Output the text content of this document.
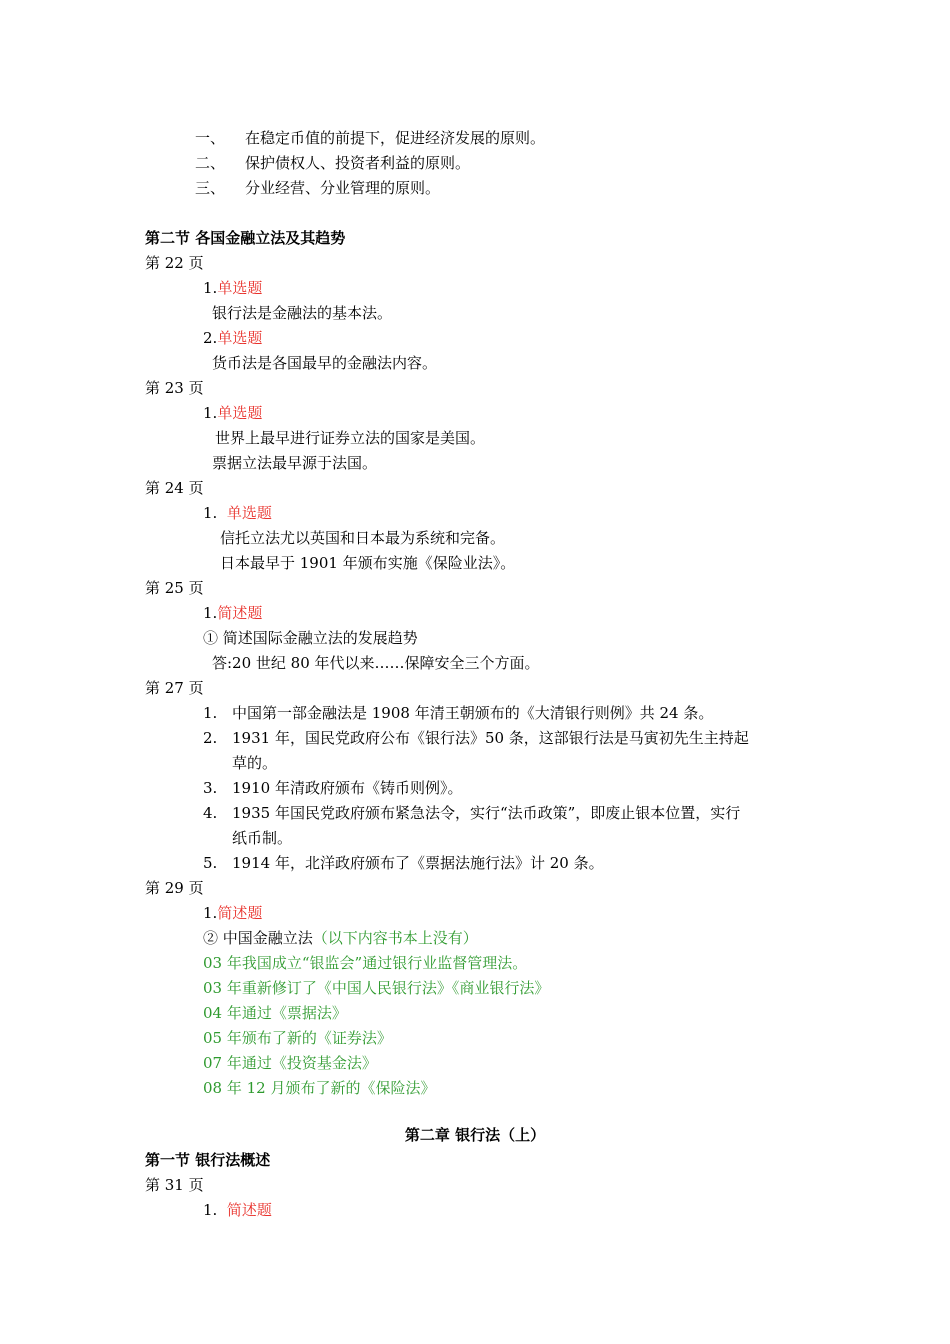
一、 在稳定币值的前提下，促进经济发展的原则。
二、 保护债权人、投资者利益的原则。
三、 分业经营、分业管理的原则。
第二节 各国金融立法及其趋势
第 22 页
1.单选题
银行法是金融法的基本法。
2.单选题
货币法是各国最早的金融法内容。
第 23 页
1.单选题
世界上最早进行证券立法的国家是美国。
票据立法最早源于法国。
第 24 页
1. 单选题
信托立法尤以英国和日本最为系统和完备。
日本最早于 1901 年颁布实施《保险业法》。
第 25 页
1.简述题
① 简述国际金融立法的发展趋势
答:20 世纪 80 年代以来……保障安全三个方面。
第 27 页
1. 中国第一部金融法是 1908 年清王朝颁布的《大清银行则例》共 24 条。
2. 1931 年，国民党政府公布《银行法》50 条，这部银行法是马寅初先生主持起
草的。
3. 1910 年清政府颁布《铸币则例》。
4. 1935 年国民党政府颁布紧急法令，实行“法币政策”，即废止银本位置，实行
纸币制。
5. 1914 年，北洋政府颁布了《票据法施行法》计 20 条。
第 29 页
1.简述题
② 中国金融立法（以下内容书本上没有）
03 年我国成立“银监会”通过银行业监督管理法。
03 年重新修订了《中国人民银行法》《商业银行法》
04 年通过《票据法》
05 年颁布了新的《证券法》
07 年通过《投资基金法》
08 年 12 月颁布了新的《保险法》
第二章 银行法（上）
第一节 银行法概述
第 31 页
1. 简述题
